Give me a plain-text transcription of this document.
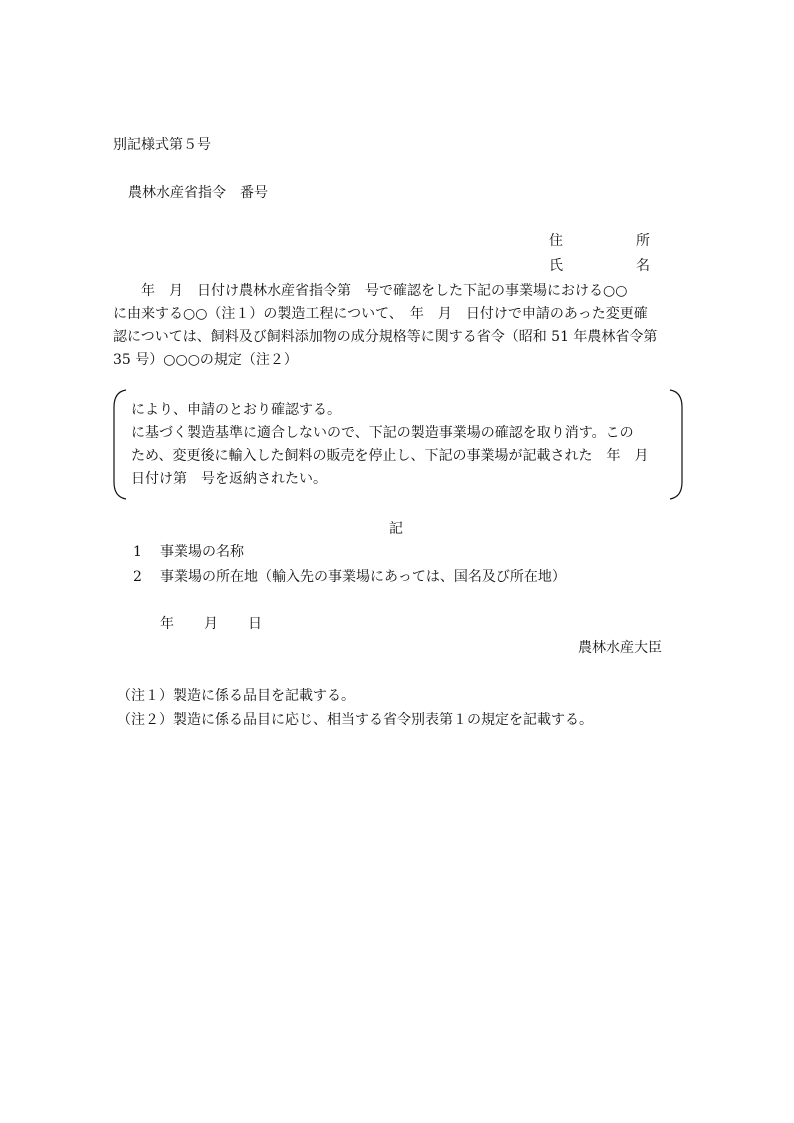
別記様式第５号
農林水産省指令　番号
住	所
氏	名
　　年　月　日付け農林水産省指令第　号で確認をした下記の事業場における○○
に由来する○○（注１）の製造工程について、　年　月　日付けで申請のあった変更確
認については、飼料及び飼料添加物の成分規格等に関する省令（昭和 51 年農林省令第
35 号）○○○の規定（注２）
により、申請のとおり確認する。
に基づく製造基準に適合しないので、下記の製造事業場の確認を取り消す。この
ため、変更後に輸入した飼料の販売を停止し、下記の事業場が記載された　年　月
日付け第　号を返納されたい。
記
1 事業場の名称
2 事業場の所在地（輸入先の事業場にあっては、国名及び所在地）
年 月 日
農林水産大臣
（注１）製造に係る品目を記載する。
（注２）製造に係る品目に応じ、相当する省令別表第１の規定を記載する。
